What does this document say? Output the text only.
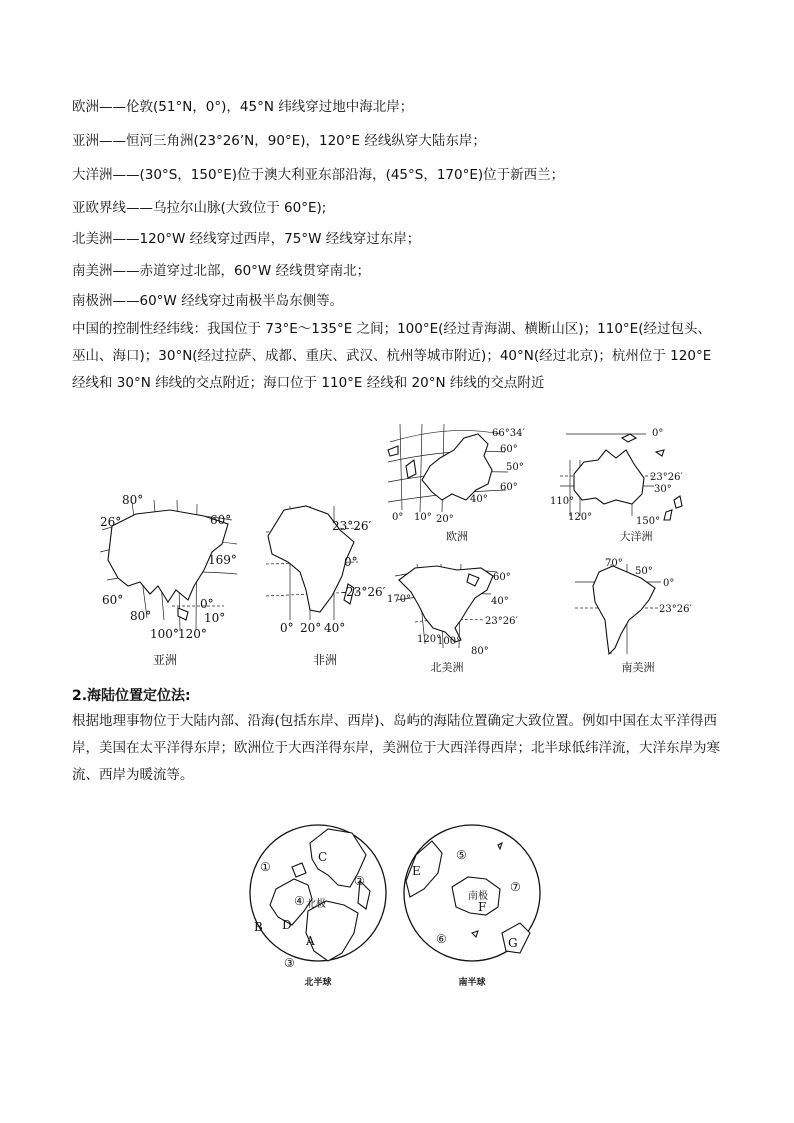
欧洲——伦敦(51°N，0°)，45°N 纬线穿过地中海北岸；
亚洲——恒河三角洲(23°26’N，90°E)，120°E 经线纵穿大陆东岸；
大洋洲——(30°S，150°E)位于澳大利亚东部沿海，(45°S，170°E)位于新西兰；
亚欧界线——乌拉尔山脉(大致位于 60°E);
北美洲——120°W 经线穿过西岸，75°W 经线穿过东岸；
南美洲——赤道穿过北部，60°W 经线贯穿南北；
南极洲——60°W 经线穿过南极半岛东侧等。
中国的控制性经纬线：我国位于 73°E～135°E 之间；100°E(经过青海湖、横断山区)；110°E(经过包头、巫山、海口)；30°N(经过拉萨、成都、重庆、武汉、杭州等城市附近)；40°N(经过北京)；杭州位于 120°E 经线和 30°N 纬线的交点附近；海口位于 110°E 经线和 20°N 纬线的交点附近
80°
26°	60°
169°
60°	0°
80°	10°
100° 120°
亚洲
23°26′
0°
-23°26′
0° 20° 40°
非洲
66°34′
60°
50°
60°
40°
0° 10° 20°
欧洲
0°
23°26′
30°
110°
120°	150°
大洋洲
60°
170°	40°
23°26′
120°
100°
80°
北美洲
70°
50°
0°
23°26′
南美洲
2.海陆位置定位法:
根据地理事物位于大陆内部、沿海(包括东岸、西岸)、岛屿的海陆位置确定大致位置。例如中国在太平洋得西岸，美国在太平洋得东岸；欧洲位于大西洋得东岸，美洲位于大西洋得西岸；北半球低纬洋流，大洋东岸为寒流、西岸为暖流等。
①
②
③
④
A
B
C
D
北极
北半球
⑤
⑥
⑦
E
F
G
南极
南半球
